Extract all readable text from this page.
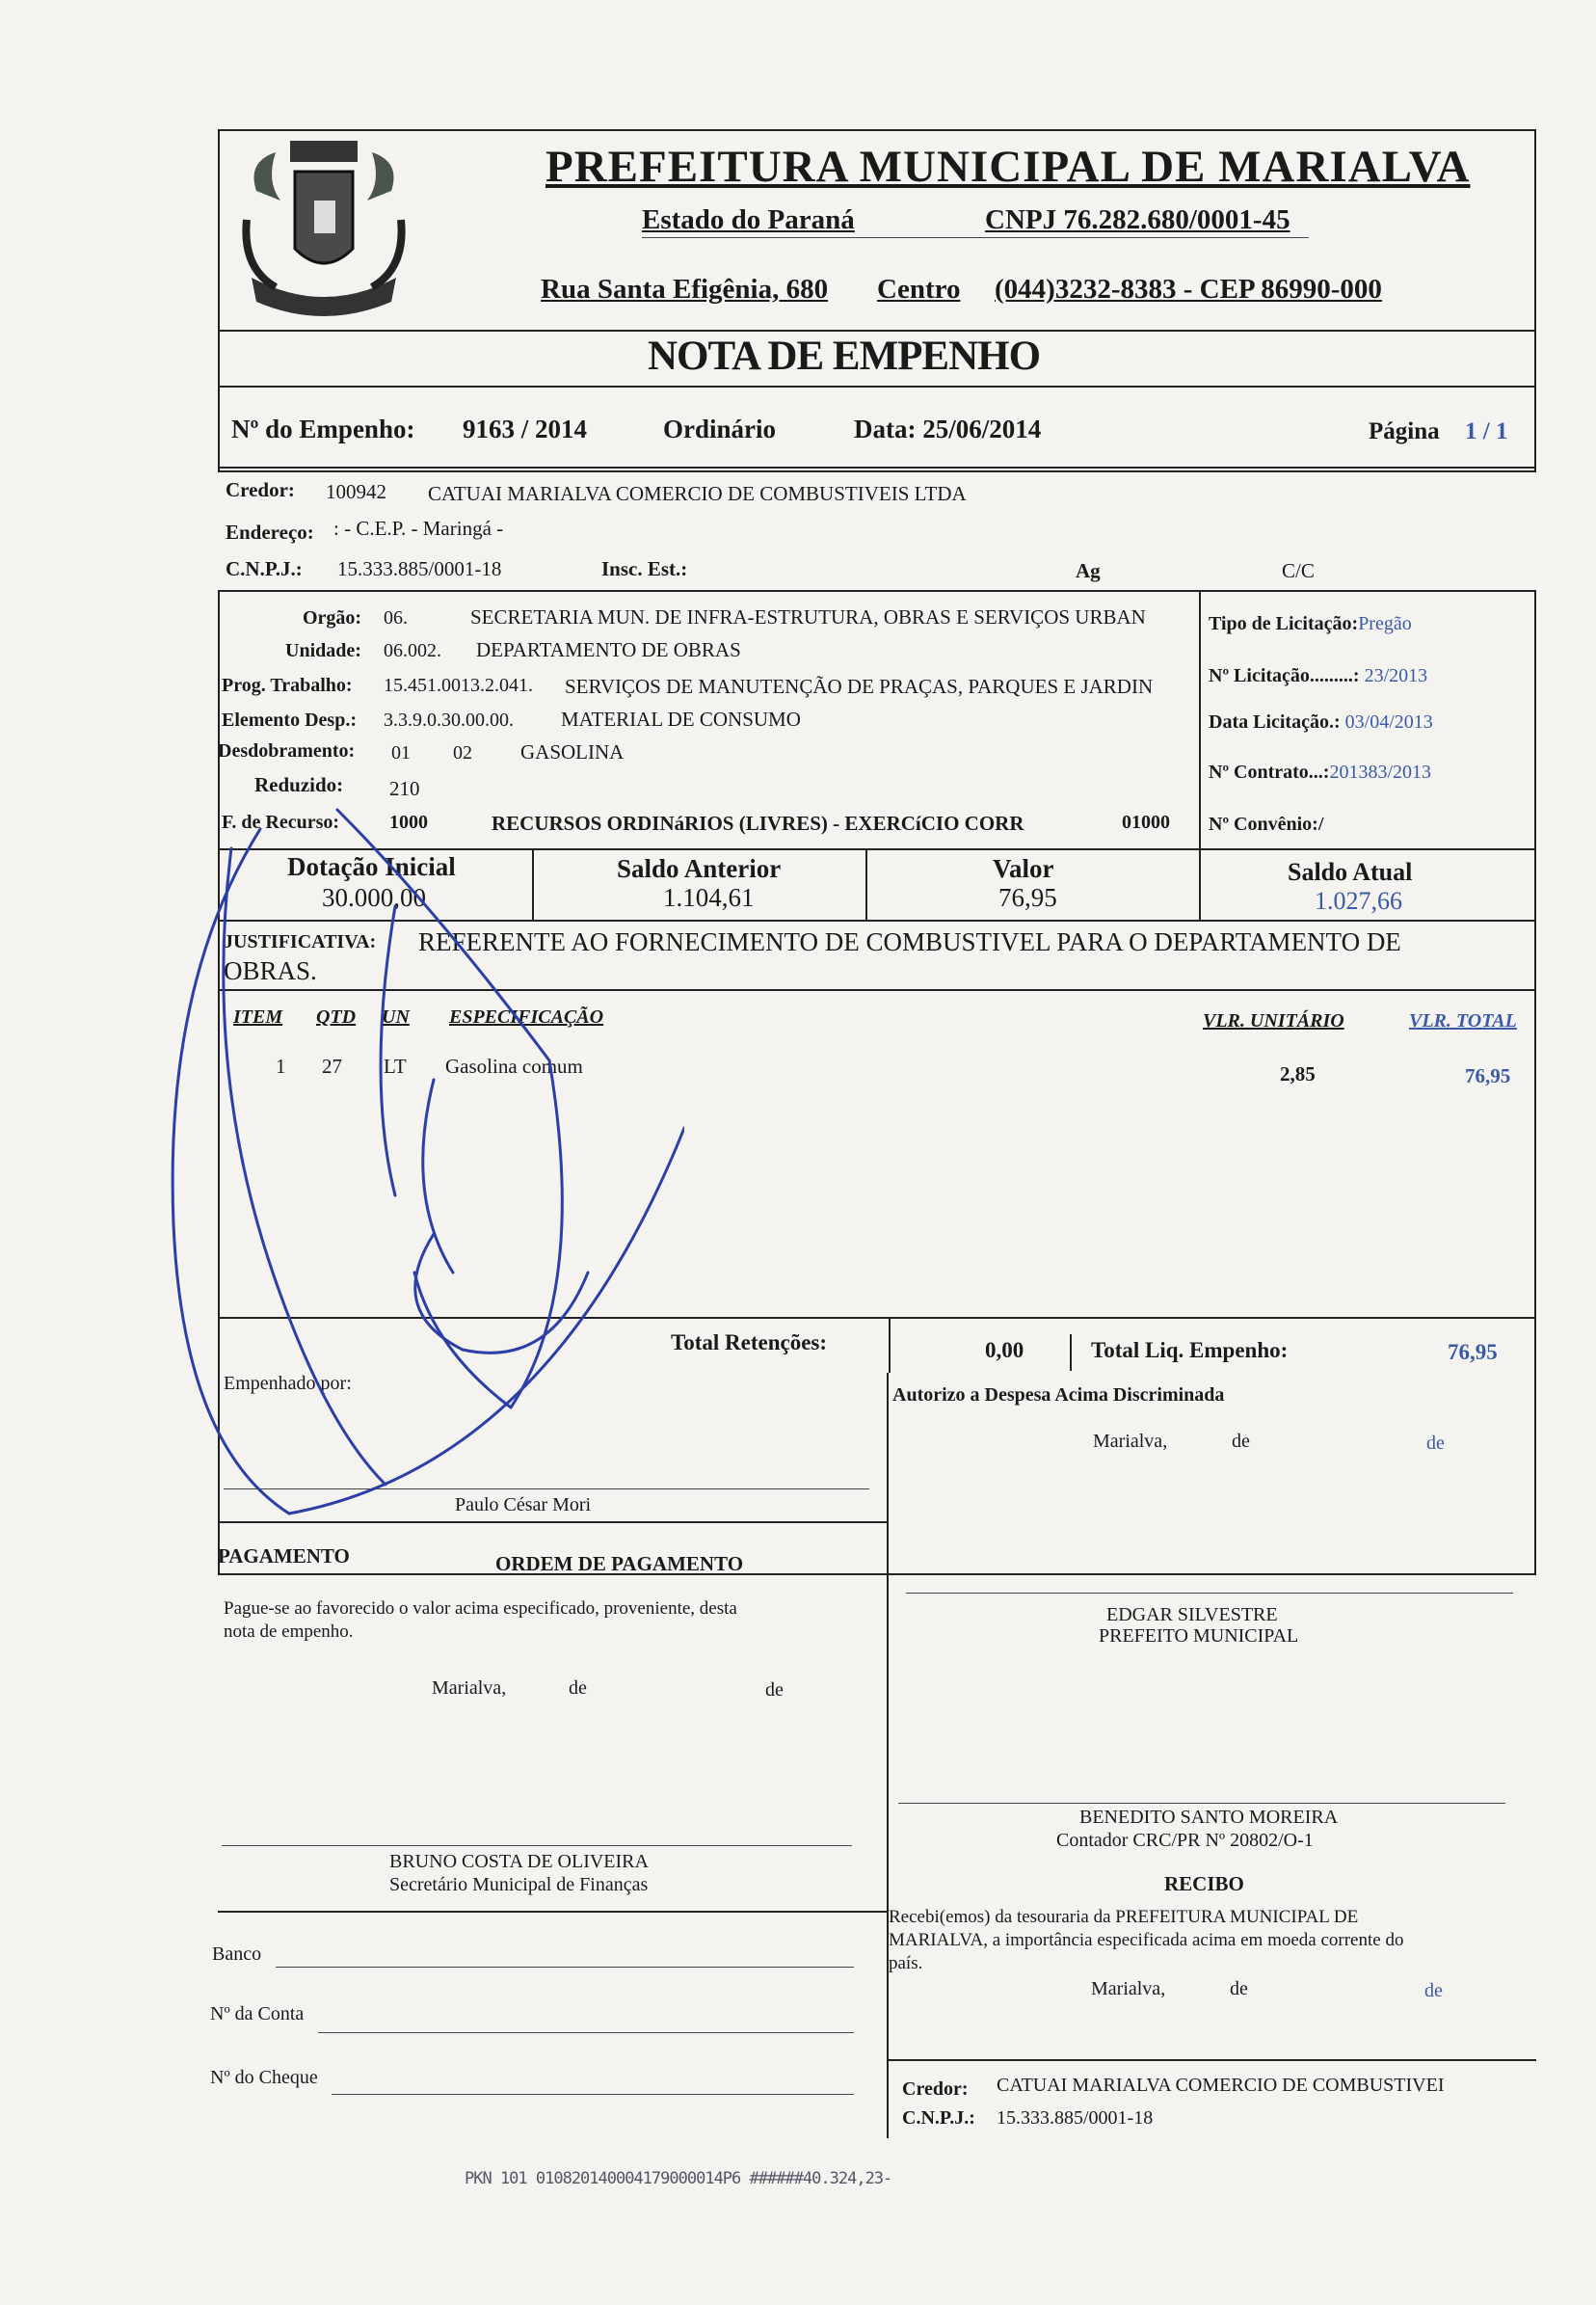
PREFEITURA MUNICIPAL DE MARIALVA
Estado do Paraná	CNPJ 76.282.680/0001-45
Rua Santa Efigênia, 680 Centro (044)3232-8383 - CEP 86990-000
NOTA DE EMPENHO
Nº do Empenho: 9163 / 2014	Ordinário	Data: 25/06/2014	Página 1 / 1
Credor: 100942 CATUAI MARIALVA COMERCIO DE COMBUSTIVEIS LTDA
Endereço: : - C.E.P. - Maringá -
C.N.P.J.: 15.333.885/0001-18	Insc. Est.:	Ag	C/C
Orgão: 06.	SECRETARIA MUN. DE INFRA-ESTRUTURA, OBRAS E SERVIÇOS URBAN
Unidade: 06.002. DEPARTAMENTO DE OBRAS
Prog. Trabalho: 15.451.0013.2.041. SERVIÇOS DE MANUTENÇÃO DE PRAÇAS, PARQUES E JARDIN
Elemento Desp.: 3.3.9.0.30.00.00. MATERIAL DE CONSUMO
Desdobramento: 01 02 GASOLINA
Reduzido: 210
F. de Recurso:	1000	RECURSOS ORDINáRIOS (LIVRES) - EXERCíCIO CORR	01000
Tipo de Licitação:Pregão
Nº Licitação.........: 23/2013
Data Licitação.: 03/04/2013
Nº Contrato...:201383/2013
Nº Convênio:/
Dotação Inicial
30.000,00
Saldo Anterior
1.104,61
Valor
76,95
Saldo Atual
1.027,66
JUSTIFICATIVA: REFERENTE AO FORNECIMENTO DE COMBUSTIVEL PARA O DEPARTAMENTO DE
OBRAS.
ITEM QTD UN ESPECIFICAÇÃO	VLR. UNITÁRIO	VLR. TOTAL
1 27 LT Gasolina comum	2,85	76,95
Total Retenções:	0,00	Total Liq. Empenho:	76,95
Empenhado por:
Paulo César Mori
Autorizo a Despesa Acima Discriminada
Marialva,	de	de
PAGAMENTO	ORDEM DE PAGAMENTO
Pague-se ao favorecido o valor acima especificado, proveniente, desta
nota de empenho.
Marialva,	de	de
EDGAR SILVESTRE
PREFEITO MUNICIPAL
BENEDITO SANTO MOREIRA
Contador CRC/PR Nº 20802/O-1
BRUNO COSTA DE OLIVEIRA
Secretário Municipal de Finanças	RECIBO
Recebi(emos) da tesouraria da PREFEITURA MUNICIPAL DE
MARIALVA, a importância especificada acima em moeda corrente do
país.
Marialva,	de	de
Banco
Nº da Conta
Nº do Cheque
Credor: CATUAI MARIALVA COMERCIO DE COMBUSTIVEI
C.N.P.J.: 15.333.885/0001-18
PKN 101 010820140004179000014P6 ######40.324,23-
